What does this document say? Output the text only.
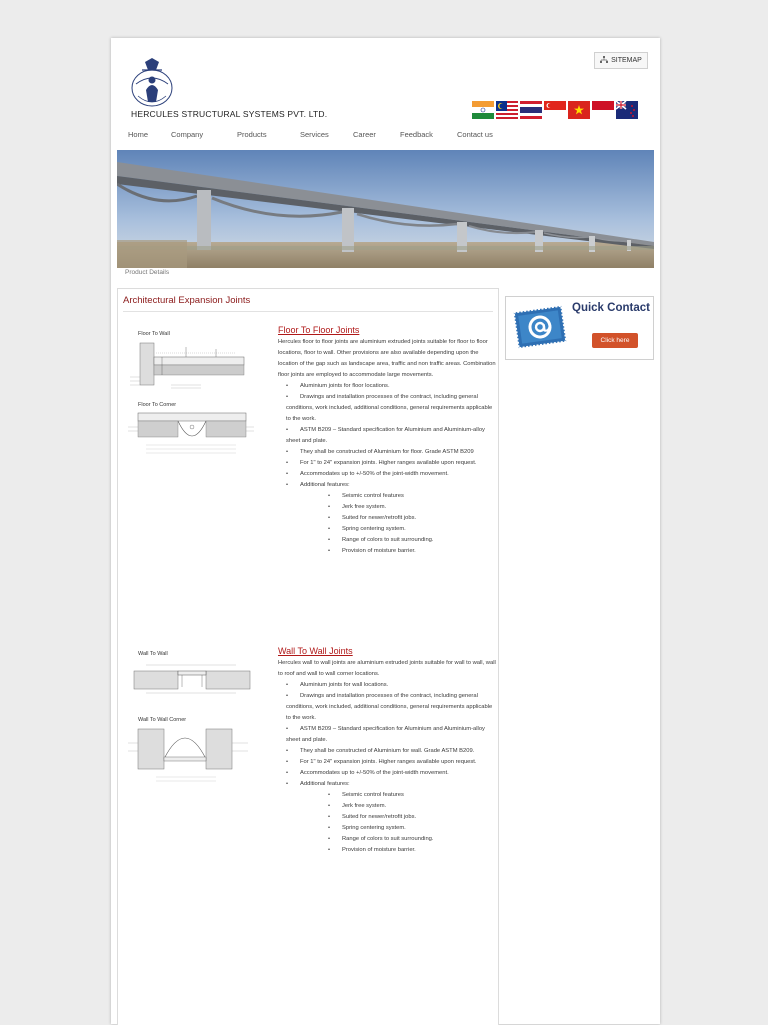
SITEMAP
HERCULES STRUCTURAL SYSTEMS PVT. LTD.
Home	Company	Products	Services	Career	Feedback	Contact us
Product Details
Architectural Expansion Joints
Floor To Wall
Floor To Corner
Floor To Floor Joints

Hercules floor to floor joints are aluminium extruded joints suitable for floor to floor locations, floor to wall. Other provisions are also available depending upon the location of the gap such as landscape area, traffic and non traffic areas. Combination floor joints are employed to accommodate large movements.

• Aluminium joints for floor locations.

• Drawings and installation processes of the contract, including general conditions, work included, additional conditions, general requirements applicable to the work.

• ASTM B209 – Standard specification for Aluminium and Aluminium-alloy sheet and plate.

• They shall be constructed of Aluminium for floor. Grade ASTM B209

• For 1" to 24" expansion joints. Higher ranges available upon request.

• Accommodates up to +/-50% of the joint-width movement.

• Additional features:

• Seismic control features

• Jerk free system.

• Suited for newer/retrofit jobs.

• Spring centering system.

• Range of colors to suit surrounding.

• Provision of moisture barrier.

Wall To Wall
Wall To Wall Corner
Wall To Wall Joints

Hercules wall to wall joints are aluminium extruded joints suitable for wall to wall, wall to roof and wall to wall corner locations.

• Aluminium joints for wall locations.

• Drawings and installation processes of the contract, including general conditions, work included, additional conditions, general requirements applicable to the work.

• ASTM B209 – Standard specification for Aluminium and Aluminium-alloy sheet and plate.

• They shall be constructed of Aluminium for wall. Grade ASTM B209.

• For 1" to 24" expansion joints. Higher ranges available upon request.

• Accommodates up to +/-50% of the joint-width movement.

• Additional features:

• Seismic control features

• Jerk free system.

• Suited for newer/retrofit jobs.

• Spring centering system.

• Range of colors to suit surrounding.

• Provision of moisture barrier.

Quick Contact
Click here
